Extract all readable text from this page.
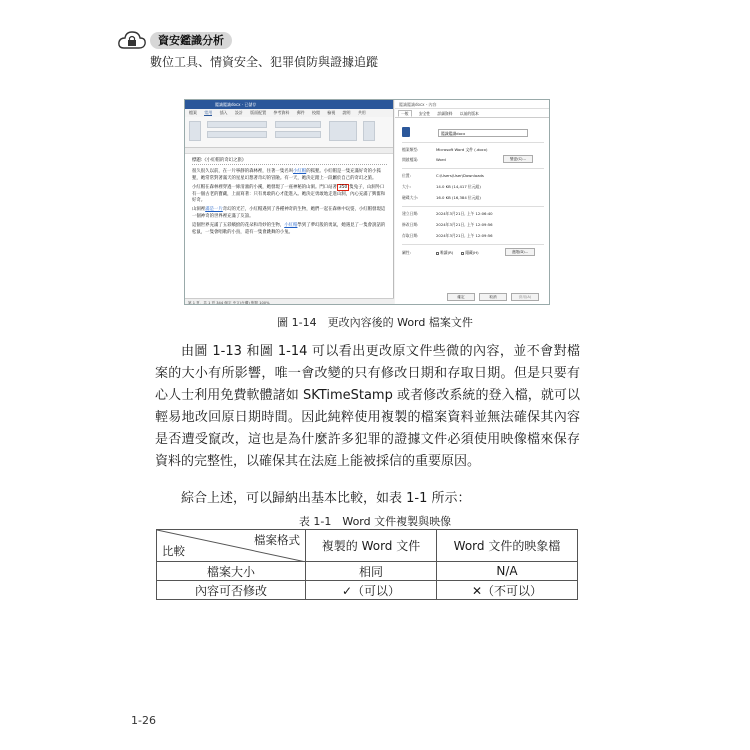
資安鑑識分析
數位工具、情資安全、犯罪偵防與證據追蹤
鑑識鑑識docx · 已儲存
檔案 常用 插入 設計 版面配置 參考資料 郵件 校閱 檢視 說明 共用

標題:《小紅帽的奇幻之旅》

很久很久以前，在一片寧靜的森林裡，住著一隻名叫小紅帽的狐狸。小紅帽是一隻充滿好奇的小狐狸，她常常對著滿天的星星幻想著奇幻的冒險。有一天，她決定踏上一段屬於自己的奇幻之旅。

小紅帽在森林裡穿過一條清澈的小溪，她發現了一座神秘的山洞。門口站著 350 隻兔子，山洞外口有一個古老的寶藏，上面寫著：只有勇敢的心才能進入。她決定勇敢地走進山洞，內心充滿了興奮和好奇。

山洞裡滿是一片奇幻的光芒，小紅帽遇到了各種神奇的生物，她們一起在森林中玩耍，小紅帽發現這一個神奇的世界裡充滿了友誼。

這個世界充滿了五彩繽紛的花朵和奇妙的生物，小紅帽學到了夢幻般的勇氣，她遇見了一隻會說話的松鼠，一隻會唱歌的小鳥，還有一隻會跳舞的小兔。

第 1 頁，共 1 頁 344 個字 中文(台灣) 焦點 100%
鑑識鑑識docx - 內容
一般	安全性 詳細資料 以前的版本
鑑識鑑識docx
檔案類型:	Microsoft Word 文件 (.docx)
開啟檔案:	Word	變更(C)...
位置:	C:\Users\User\Downloads
大小:	14.0 KB (14,417 位元組)
磁碟大小:	16.0 KB (16,384 位元組)
建立日期:	2024年3月21日, 上午 12:06:40
修改日期:	2024年3月21日, 上午 12:09:56
存取日期:	2024年3月21日, 上午 12:09:56
屬性:	唯讀(R)	隱藏(H)	進階(D)...
確定	取消	套用(A)
圖 1-14　更改內容後的 Word 檔案文件

由圖 1-13 和圖 1-14 可以看出更改原文件些微的內容，並不會對檔案的大小有所影響，唯一會改變的只有修改日期和存取日期。但是只要有心人士利用免費軟體諸如 SKTimeStamp 或者修改系統的登入檔，就可以輕易地改回原日期時間。因此純粹使用複製的檔案資料並無法確保其內容是否遭受竄改，這也是為什麼許多犯罪的證據文件必須使用映像檔來保存資料的完整性，以確保其在法庭上能被採信的重要原因。

綜合上述，可以歸納出基本比較，如表 1-1 所示：

表 1-1　Word 文件複製與映像
檔案格式
比較	複製的 Word 文件	Word 文件的映象檔
檔案大小	相同	N/A
內容可否修改	✓（可以）	✕（不可以）
1-26
